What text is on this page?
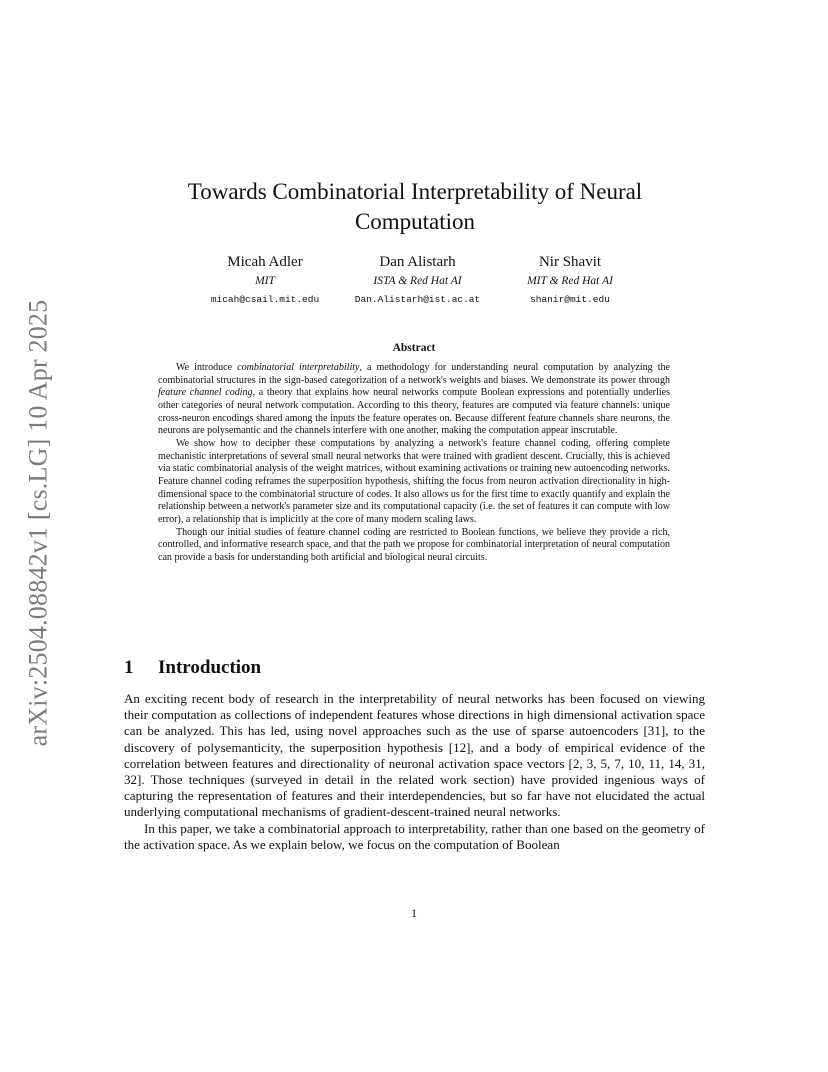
arXiv:2504.08842v1 [cs.LG] 10 Apr 2025
Towards Combinatorial Interpretability of Neural Computation
Micah Adler
MIT
micah@csail.mit.edu
Dan Alistarh
ISTA & Red Hat AI
Dan.Alistarh@ist.ac.at
Nir Shavit
MIT & Red Hat AI
shanir@mit.edu
Abstract

We introduce combinatorial interpretability, a methodology for understanding neural computation by analyzing the combinatorial structures in the sign-based categorization of a network's weights and biases. We demonstrate its power through feature channel coding, a theory that explains how neural networks compute Boolean expressions and potentially underlies other categories of neural network computation. According to this theory, features are computed via feature channels: unique cross-neuron encodings shared among the inputs the feature operates on. Because different feature channels share neurons, the neurons are polysemantic and the channels interfere with one another, making the computation appear inscrutable.

We show how to decipher these computations by analyzing a network's feature channel coding, offering complete mechanistic interpretations of several small neural networks that were trained with gradient descent. Crucially, this is achieved via static combinatorial analysis of the weight matrices, without examining activations or training new autoencoding networks. Feature channel coding reframes the superposition hypothesis, shifting the focus from neuron activation directionality in high-dimensional space to the combinatorial structure of codes. It also allows us for the first time to exactly quantify and explain the relationship between a network's parameter size and its computational capacity (i.e. the set of features it can compute with low error), a relationship that is implicitly at the core of many modern scaling laws.

Though our initial studies of feature channel coding are restricted to Boolean functions, we believe they provide a rich, controlled, and informative research space, and that the path we propose for combinatorial interpretation of neural computation can provide a basis for understanding both artificial and biological neural circuits.

1 Introduction

An exciting recent body of research in the interpretability of neural networks has been focused on viewing their computation as collections of independent features whose directions in high dimensional activation space can be analyzed. This has led, using novel approaches such as the use of sparse autoencoders [31], to the discovery of polysemanticity, the superposition hypothesis [12], and a body of empirical evidence of the correlation between features and directionality of neuronal activation space vectors [2, 3, 5, 7, 10, 11, 14, 31, 32]. Those techniques (surveyed in detail in the related work section) have provided ingenious ways of capturing the representation of features and their interdependencies, but so far have not elucidated the actual underlying computational mechanisms of gradient-descent-trained neural networks.

In this paper, we take a combinatorial approach to interpretability, rather than one based on the geometry of the activation space. As we explain below, we focus on the computation of Boolean

1
